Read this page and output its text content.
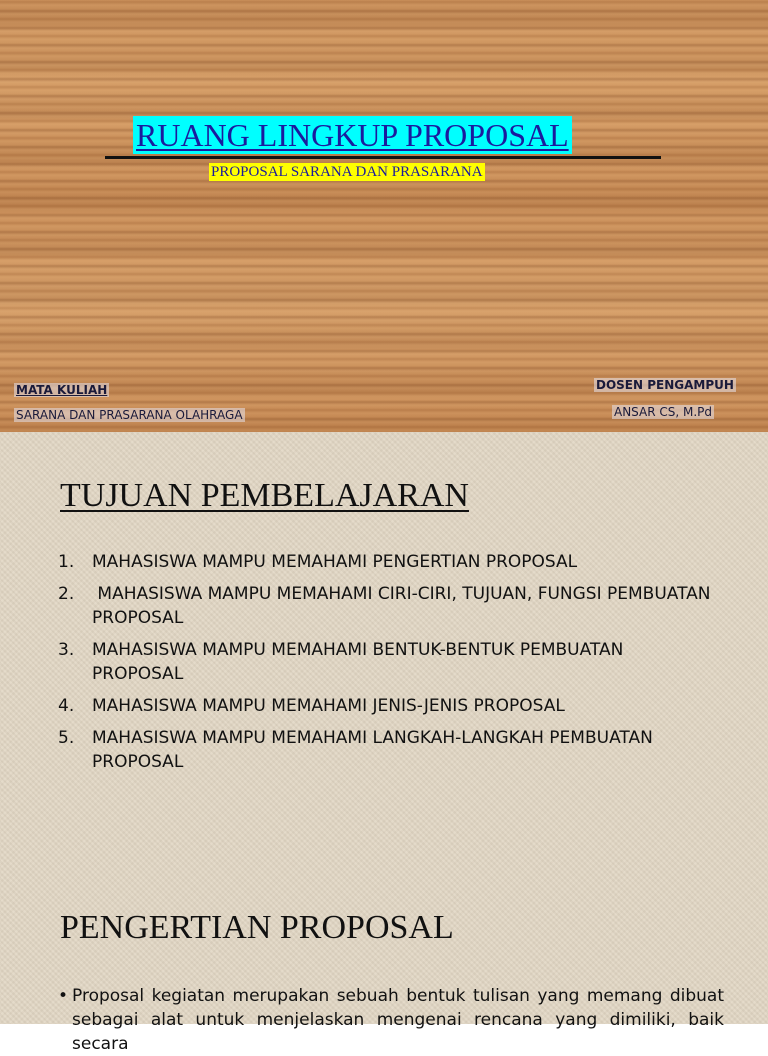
RUANG LINGKUP PROPOSAL
PROPOSAL SARANA DAN PRASARANA
MATA KULIAH
SARANA DAN PRASARANA OLAHRAGA
DOSEN PENGAMPUH
ANSAR CS, M.Pd
TUJUAN PEMBELAJARAN
1. MAHASISWA MAMPU MEMAHAMI PENGERTIAN PROPOSAL
2. MAHASISWA MAMPU MEMAHAMI CIRI-CIRI, TUJUAN, FUNGSI PEMBUATAN PROPOSAL
3. MAHASISWA MAMPU MEMAHAMI BENTUK-BENTUK PEMBUATAN PROPOSAL
4. MAHASISWA MAMPU MEMAHAMI JENIS-JENIS PROPOSAL
5. MAHASISWA MAMPU MEMAHAMI LANGKAH-LANGKAH PEMBUATAN PROPOSAL
PENGERTIAN PROPOSAL
• Proposal kegiatan merupakan sebuah bentuk tulisan yang memang dibuat sebagai alat untuk menjelaskan mengenai rencana yang dimiliki, baik secara
